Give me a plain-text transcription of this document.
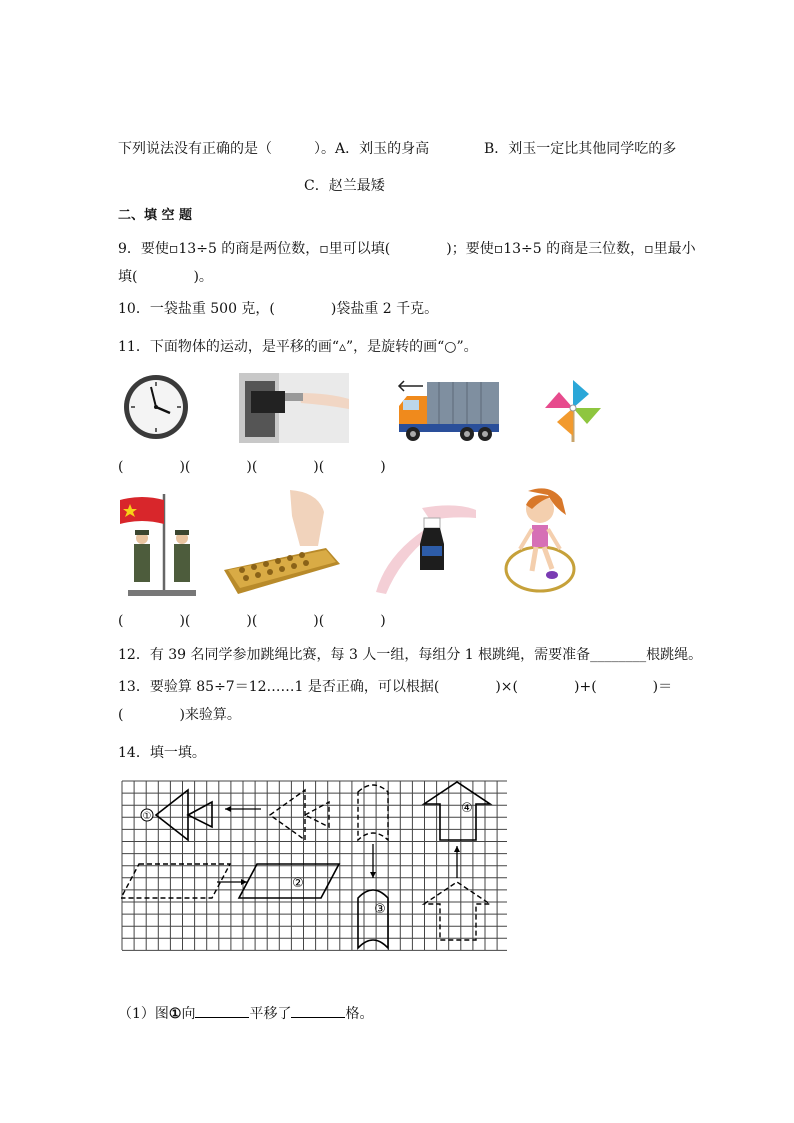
下列说法没有正确的是（　　　）。A．刘玉的身高	B．刘玉一定比其他同学吃的多
C．赵兰最矮
二、填 空 题
9．要使▫13÷5 的商是两位数，▫里可以填(　　　　)；要使▫13÷5 的商是三位数，▫里最小
填(　　　　)。
10．一袋盐重 500 克，(　　　　)袋盐重 2 千克。
11．下面物体的运动，是平移的画“▵”，是旋转的画“○”。
(　　　　)(　　　　)(　　　　)(　　　　)
(　　　　)(　　　　)(　　　　)(　　　　)
12．有 39 名同学参加跳绳比赛，每 3 人一组，每组分 1 根跳绳，需要准备________根跳绳。
13．要验算 85÷7＝12……1 是否正确，可以根据(　　　　)×(　　　　)+(　　　　)＝
(　　　　)来验算。
14．填一填。
①
②
③
④
（1）图①向	平移了	格。
